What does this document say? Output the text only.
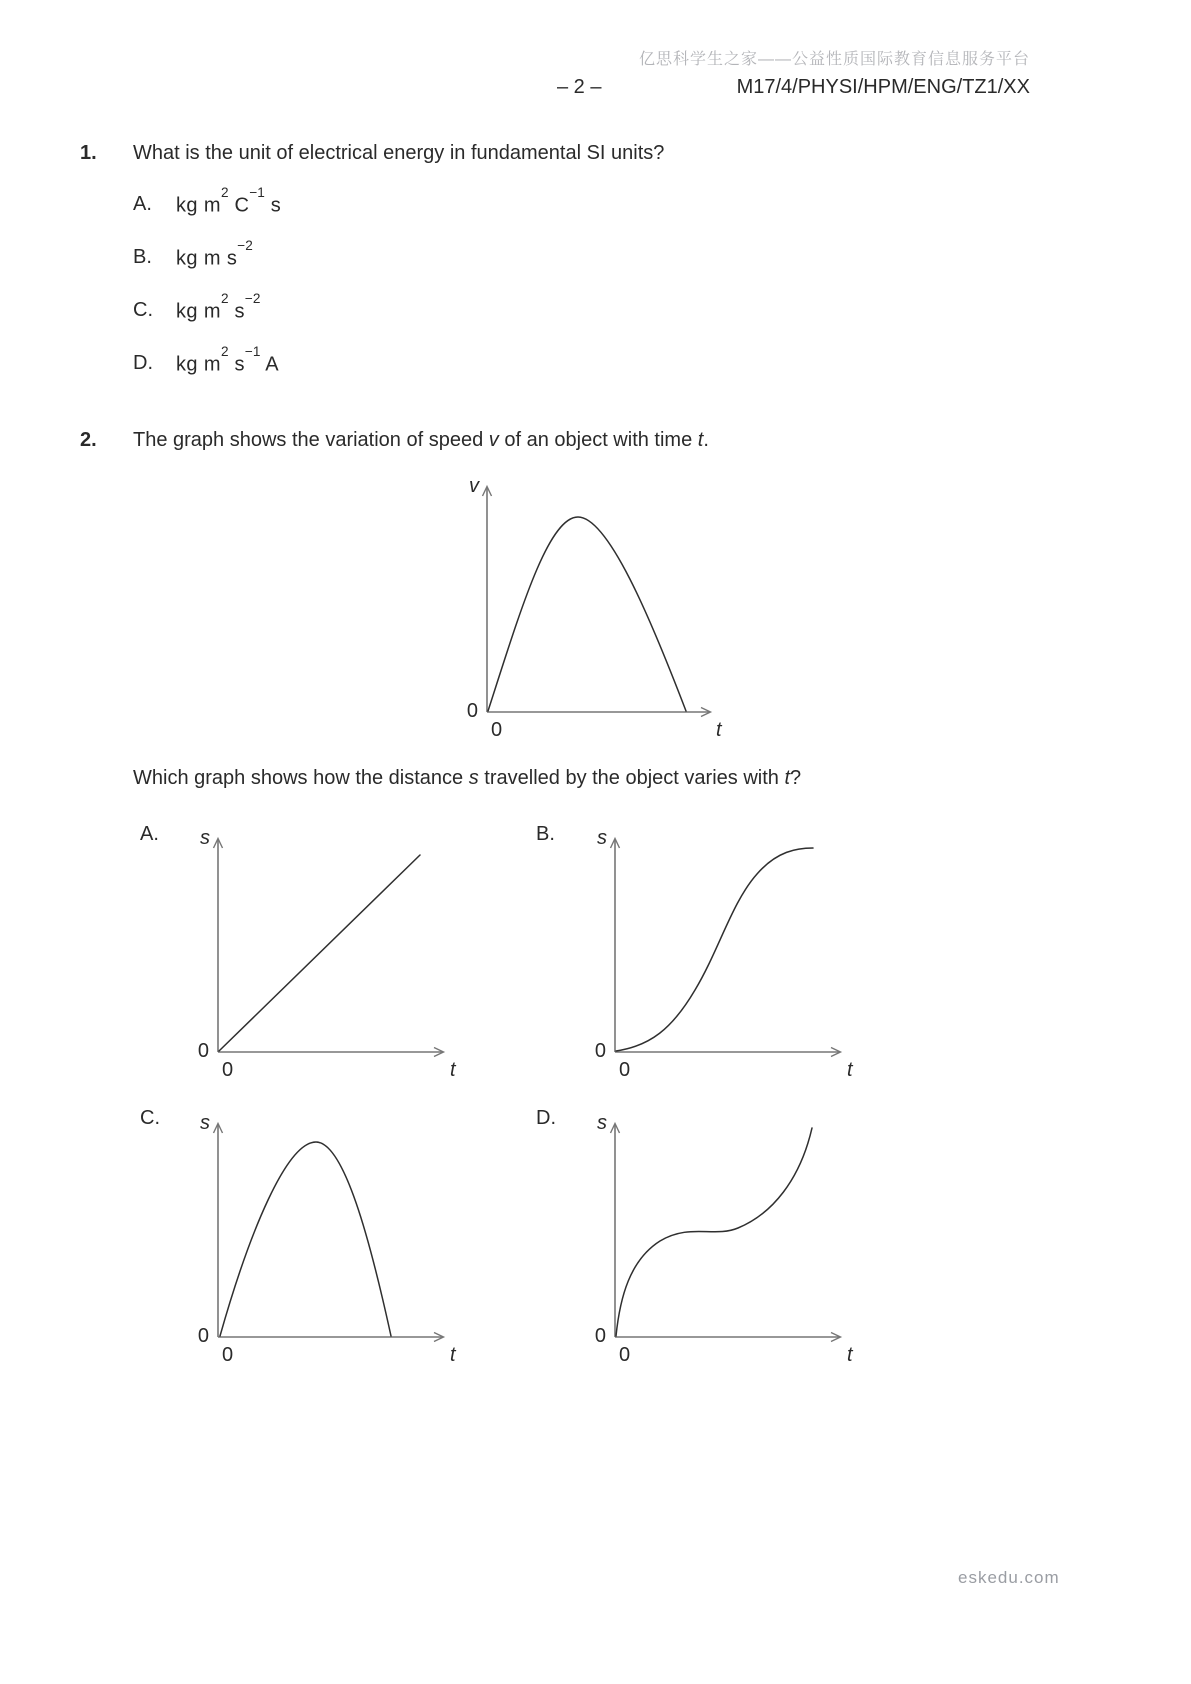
亿思科学生之家——公益性质国际教育信息服务平台
– 2 –	M17/4/PHYSI/HPM/ENG/TZ1/XX
1. What is the unit of electrical energy in fundamental SI units?
A. kg $m^2$ $C^{-1}$ s
B. kg m $s^{-2}$
C. kg $m^2$ $s^{-2}$
D. kg $m^2$ $s^{-1}$ A
2. The graph shows the variation of speed v of an object with time t.
v
0
0	t
Which graph shows how the distance s travelled by the object varies with t?
A. s
0
0	t
B. s
0
0	t
C. s
0
0	t
D. s
0
0	t
eskedu.com
